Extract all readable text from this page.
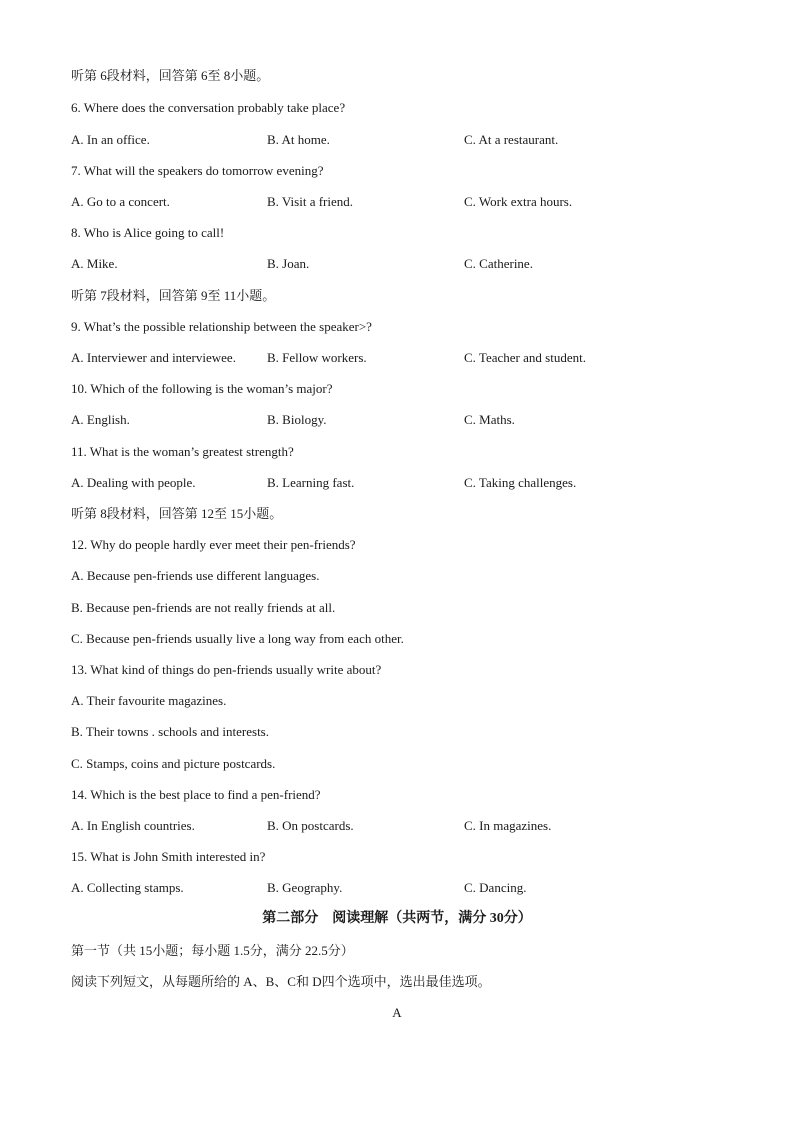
听第 6段材料，回答第 6至 8小题。
6. Where does the conversation probably take place?
A. In an office.	B. At home.	C. At a restaurant.
7. What will the speakers do tomorrow evening?
A. Go to a concert.	B. Visit a friend.	C. Work extra hours.
8. Who is Alice going to call!
A. Mike.	B. Joan.	C. Catherine.
听第 7段材料，回答第 9至 11小题。
9. What’s the possible relationship between the speaker>?
A. Interviewer and interviewee. B. Fellow workers.	C. Teacher and student.
10. Which of the following is the woman’s major?
A. English.	B. Biology.	C. Maths.
11. What is the woman’s greatest strength?
A. Dealing with people.	B. Learning fast.	C. Taking challenges.
听第 8段材料，回答第 12至 15小题。
12. Why do people hardly ever meet their pen-friends?
A. Because pen-friends use different languages.
B. Because pen-friends are not really friends at all.
C. Because pen-friends usually live a long way from each other.
13. What kind of things do pen-friends usually write about?
A. Their favourite magazines.
B. Their towns . schools and interests.
C. Stamps, coins and picture postcards.
14. Which is the best place to find a pen-friend?
A. In English countries.	B. On postcards.	C. In magazines.
15. What is John Smith interested in?
A. Collecting stamps.	B. Geography.	C. Dancing.
第二部分　阅读理解（共两节，满分 30分）
第一节（共 15小题；每小题 1.5分，满分 22.5分）
阅读下列短文，从每题所给的 A、B、C和 D四个选项中，选出最佳选项。
A
